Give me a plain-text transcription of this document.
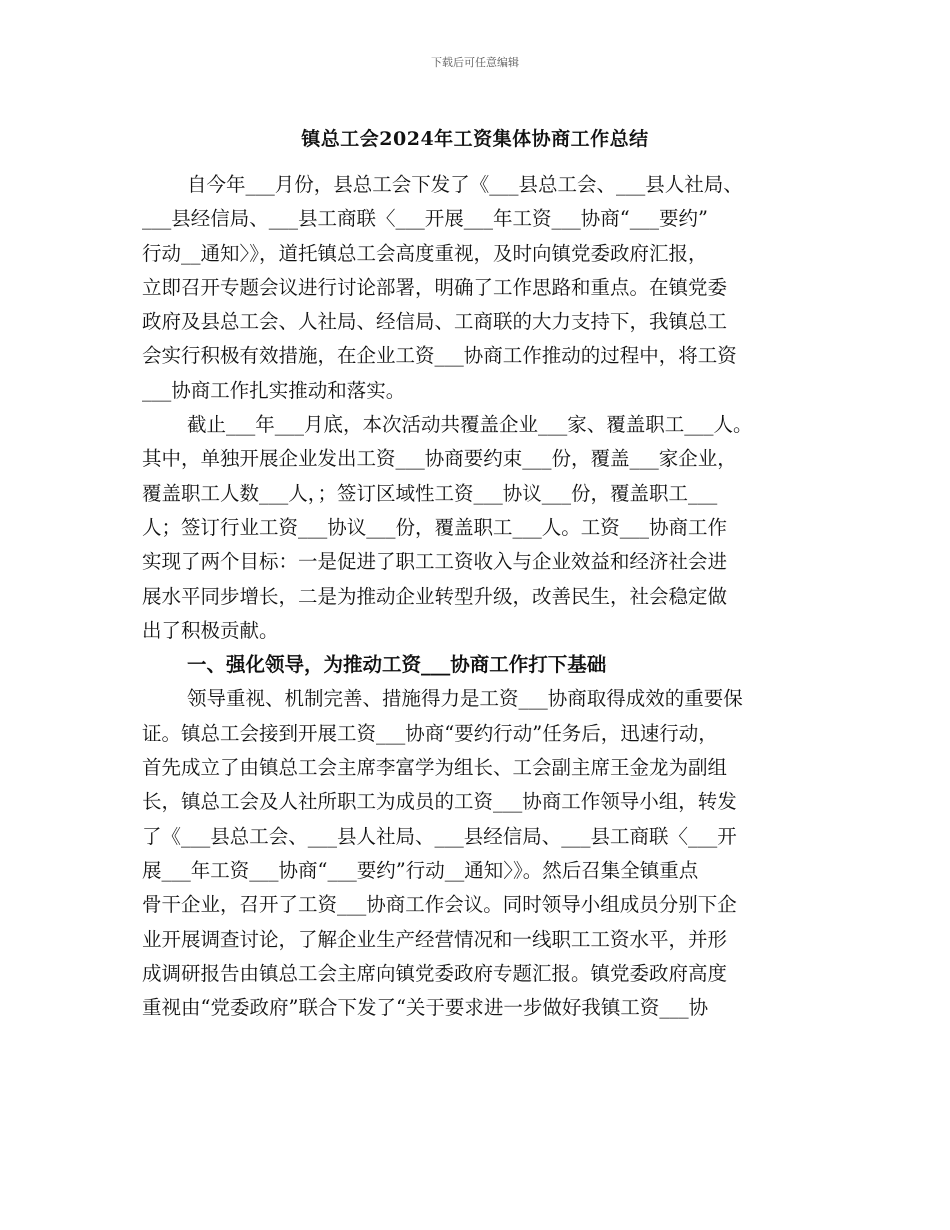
下载后可任意编辑
镇总工会2024年工资集体协商工作总结
自今年___月份，县总工会下发了《___县总工会、___县人社局、
___县经信局、___县工商联〈___开展___年工资___协商“___要约”
行动__通知〉》，道托镇总工会高度重视，及时向镇党委政府汇报，
立即召开专题会议进行讨论部署，明确了工作思路和重点。在镇党委
政府及县总工会、人社局、经信局、工商联的大力支持下，我镇总工
会实行积极有效措施，在企业工资___协商工作推动的过程中，将工资
___协商工作扎实推动和落实。
截止___年___月底，本次活动共覆盖企业___家、覆盖职工___人。
其中，单独开展企业发出工资___协商要约束___份，覆盖___家企业，
覆盖职工人数___人，；签订区域性工资___协议___份，覆盖职工___
人；签订行业工资___协议___份，覆盖职工___人。工资___协商工作
实现了两个目标：一是促进了职工工资收入与企业效益和经济社会进
展水平同步增长，二是为推动企业转型升级，改善民生，社会稳定做
出了积极贡献。
一、强化领导，为推动工资___协商工作打下基础
领导重视、机制完善、措施得力是工资___协商取得成效的重要保
证。镇总工会接到开展工资___协商“要约行动”任务后，迅速行动，
首先成立了由镇总工会主席李富学为组长、工会副主席王金龙为副组
长，镇总工会及人社所职工为成员的工资___协商工作领导小组，转发
了《___县总工会、___县人社局、___县经信局、___县工商联〈___开
展___年工资___协商“___要约”行动__通知〉》。然后召集全镇重点
骨干企业，召开了工资___协商工作会议。同时领导小组成员分别下企
业开展调查讨论，了解企业生产经营情况和一线职工工资水平，并形
成调研报告由镇总工会主席向镇党委政府专题汇报。镇党委政府高度
重视由“党委政府”联合下发了“关于要求进一步做好我镇工资___协
